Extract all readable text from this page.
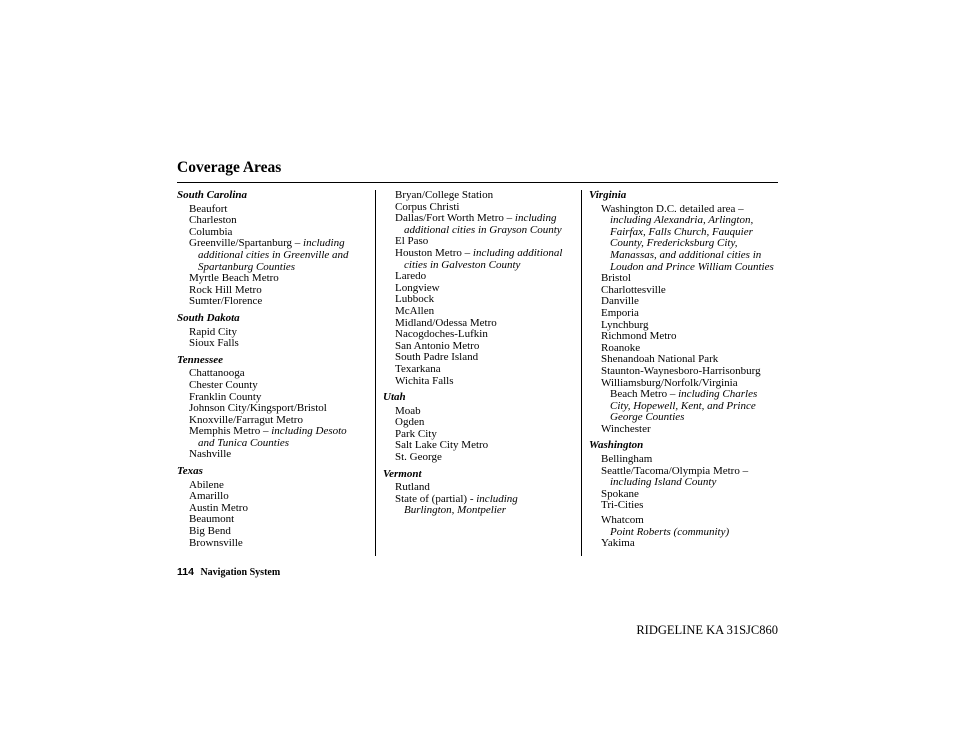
Coverage Areas
South Carolina
Beaufort
Charleston
Columbia
Greenville/Spartanburg – including
additional cities in Greenville and
Spartanburg Counties
Myrtle Beach Metro
Rock Hill Metro
Sumter/Florence
South Dakota
Rapid City
Sioux Falls
Tennessee
Chattanooga
Chester County
Franklin County
Johnson City/Kingsport/Bristol
Knoxville/Farragut Metro
Memphis Metro – including Desoto
and Tunica Counties
Nashville
Texas
Abilene
Amarillo
Austin Metro
Beaumont
Big Bend
Brownsville
Bryan/College Station
Corpus Christi
Dallas/Fort Worth Metro – including
additional cities in Grayson County
El Paso
Houston Metro – including additional
cities in Galveston County
Laredo
Longview
Lubbock
McAllen
Midland/Odessa Metro
Nacogdoches-Lufkin
San Antonio Metro
South Padre Island
Texarkana
Wichita Falls
Utah
Moab
Ogden
Park City
Salt Lake City Metro
St. George
Vermont
Rutland
State of (partial) - including
Burlington, Montpelier
Virginia
Washington D.C. detailed area –
including Alexandria, Arlington,
Fairfax, Falls Church, Fauquier
County, Fredericksburg City,
Manassas, and additional cities in
Loudon and Prince William Counties
Bristol
Charlottesville
Danville
Emporia
Lynchburg
Richmond Metro
Roanoke
Shenandoah National Park
Staunton-Waynesboro-Harrisonburg
Williamsburg/Norfolk/Virginia
Beach Metro – including Charles
City, Hopewell, Kent, and Prince
George Counties
Winchester
Washington
Bellingham
Seattle/Tacoma/Olympia Metro –
including Island County
Spokane
Tri-Cities
Whatcom
Point Roberts (community)
Yakima
114 Navigation System
RIDGELINE KA 31SJC860
